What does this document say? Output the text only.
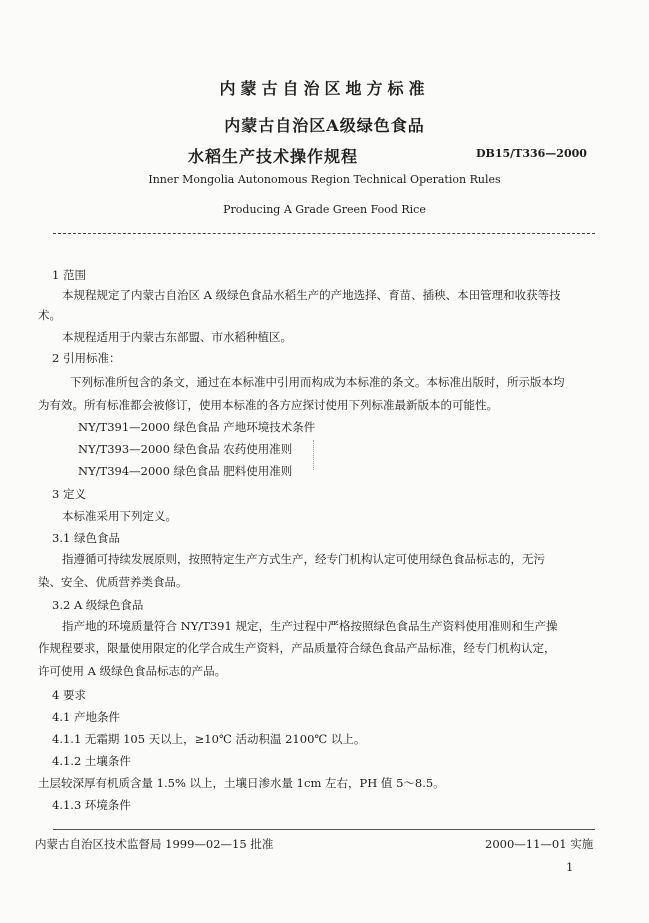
内蒙古自治区地方标准
内蒙古自治区A级绿色食品
水稻生产技术操作规程	DB15/T336—2000
Inner Mongolia Autonomous Region Technical Operation Rules
Producing A Grade Green Food Rice
1 范围
本规程规定了内蒙古自治区 A 级绿色食品水稻生产的产地选择、育苗、插秧、本田管理和收获等技
术。
本规程适用于内蒙古东部盟、市水稻种植区。
2 引用标准：
下列标准所包含的条文，通过在本标准中引用而构成为本标准的条文。本标准出版时，所示版本均
为有效。所有标准都会被修订，使用本标准的各方应探讨使用下列标准最新版本的可能性。
NY/T391—2000 绿色食品 产地环境技术条件
NY/T393—2000 绿色食品 农药使用准则
NY/T394—2000 绿色食品 肥料使用准则
3 定义
本标准采用下列定义。
3.1 绿色食品
指遵循可持续发展原则，按照特定生产方式生产，经专门机构认定可使用绿色食品标志的，无污
染、安全、优质营养类食品。
3.2 A 级绿色食品
指产地的环境质量符合 NY/T391 规定，生产过程中严格按照绿色食品生产资料使用准则和生产操
作规程要求，限量使用限定的化学合成生产资料，产品质量符合绿色食品产品标准，经专门机构认定，
许可使用 A 级绿色食品标志的产品。
4 要求
4.1 产地条件
4.1.1 无霜期 105 天以上，≥10℃ 活动积温 2100℃ 以上。
4.1.2 土壤条件
土层较深厚有机质含量 1.5% 以上，土壤日渗水量 1cm 左右，PH 值 5～8.5。
4.1.3 环境条件
内蒙古自治区技术监督局 1999—02—15 批准	2000—11—01 实施
1
